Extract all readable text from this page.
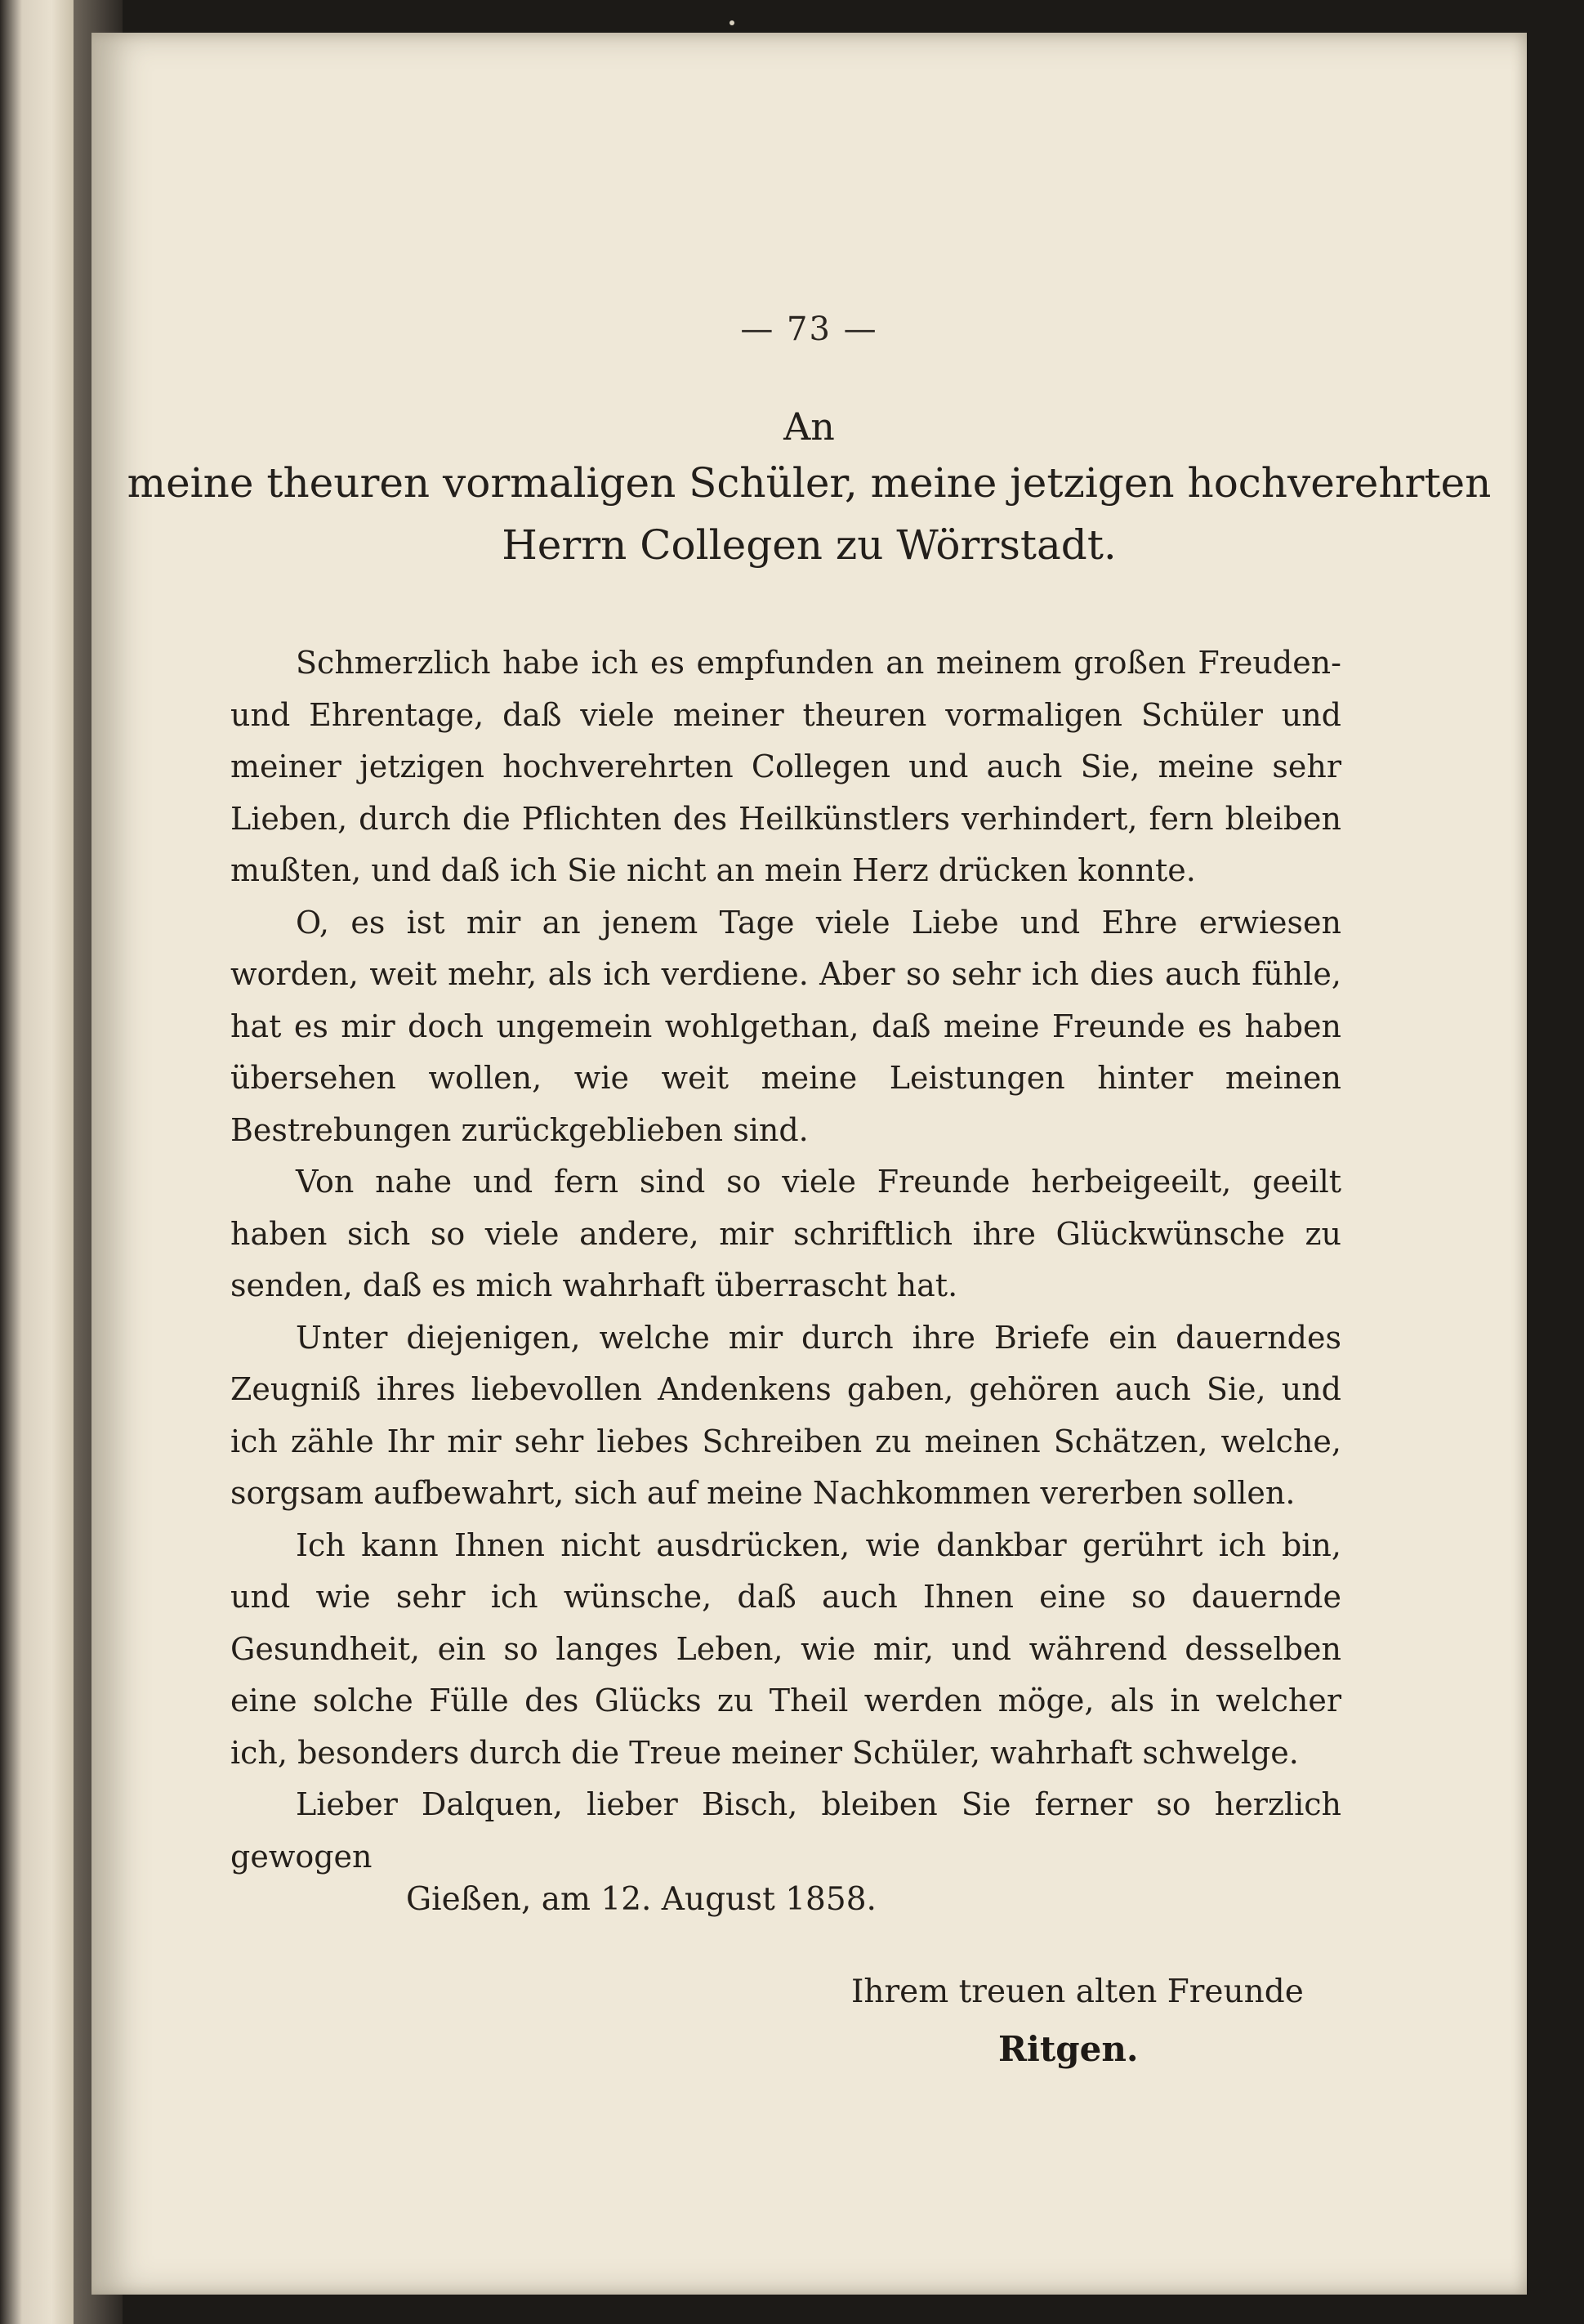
— 73 —
An
meine theuren vormaligen Schüler, meine jetzigen hochverehrten
Herrn Collegen zu Wörrstadt.

Schmerzlich habe ich es empfunden an meinem großen Freuden- und Ehrentage, daß viele meiner theuren vormaligen Schüler und meiner jetzigen hochverehrten Collegen und auch Sie, meine sehr Lieben, durch die Pflichten des Heilkünstlers verhindert, fern bleiben mußten, und daß ich Sie nicht an mein Herz drücken konnte.

O, es ist mir an jenem Tage viele Liebe und Ehre erwiesen worden, weit mehr, als ich verdiene. Aber so sehr ich dies auch fühle, hat es mir doch ungemein wohlgethan, daß meine Freunde es haben übersehen wollen, wie weit meine Leistungen hinter meinen Bestrebungen zurückgeblieben sind.

Von nahe und fern sind so viele Freunde herbeigeeilt, geeilt haben sich so viele andere, mir schriftlich ihre Glückwünsche zu senden, daß es mich wahrhaft überrascht hat.

Unter diejenigen, welche mir durch ihre Briefe ein dauerndes Zeugniß ihres liebevollen Andenkens gaben, gehören auch Sie, und ich zähle Ihr mir sehr liebes Schreiben zu meinen Schätzen, welche, sorgsam aufbewahrt, sich auf meine Nachkommen vererben sollen.

Ich kann Ihnen nicht ausdrücken, wie dankbar gerührt ich bin, und wie sehr ich wünsche, daß auch Ihnen eine so dauernde Gesundheit, ein so langes Leben, wie mir, und während desselben eine solche Fülle des Glücks zu Theil werden möge, als in welcher ich, besonders durch die Treue meiner Schüler, wahrhaft schwelge.

Lieber Dalquen, lieber Bisch, bleiben Sie ferner so herzlich gewogen

Gießen, am 12. August 1858.
Ihrem treuen alten Freunde
Ritgen.
